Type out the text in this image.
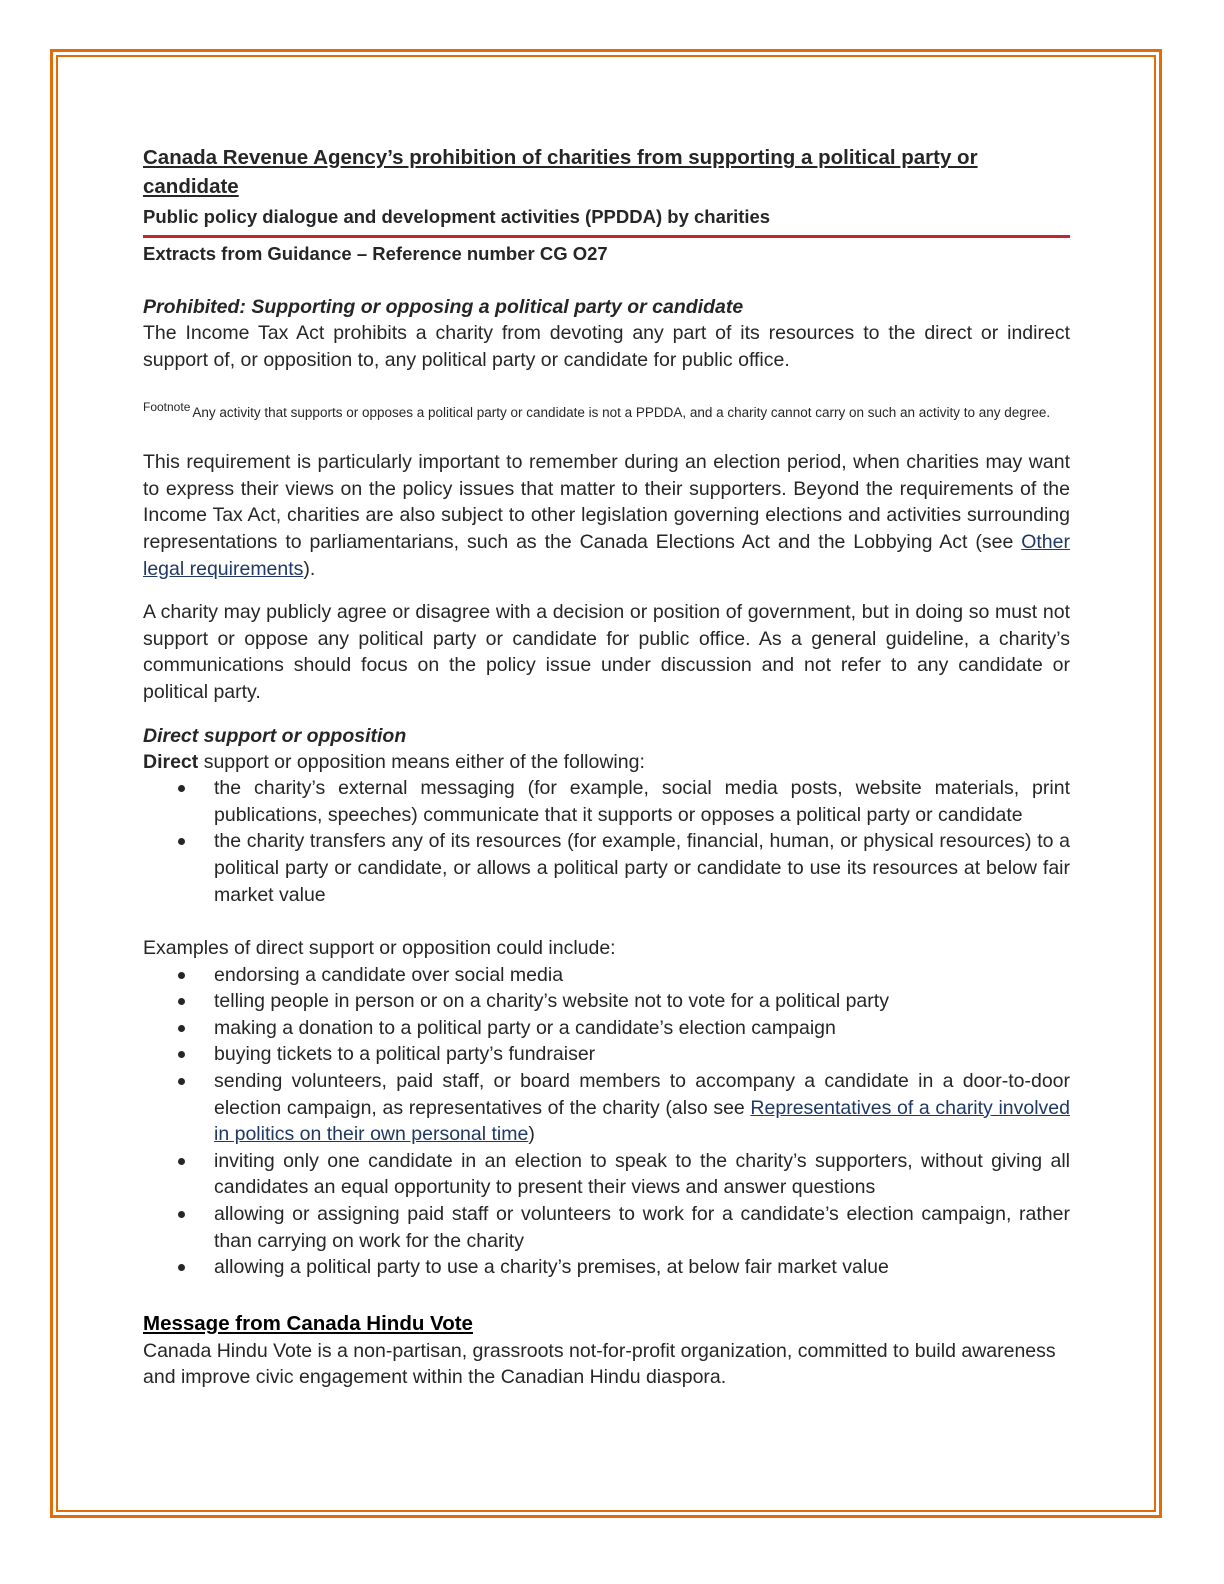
Canada Revenue Agency’s prohibition of charities from supporting a political party or candidate

Public policy dialogue and development activities (PPDDA) by charities

Extracts from Guidance – Reference number CG O27

Prohibited: Supporting or opposing a political party or candidate

The Income Tax Act prohibits a charity from devoting any part of its resources to the direct or indirect support of, or opposition to, any political party or candidate for public office.

$^{Footnote}$ Any activity that supports or opposes a political party or candidate is not a PPDDA, and a charity cannot carry on such an activity to any degree.

This requirement is particularly important to remember during an election period, when charities may want to express their views on the policy issues that matter to their supporters. Beyond the requirements of the Income Tax Act, charities are also subject to other legislation governing elections and activities surrounding representations to parliamentarians, such as the Canada Elections Act and the Lobbying Act (see Other legal requirements).

A charity may publicly agree or disagree with a decision or position of government, but in doing so must not support or oppose any political party or candidate for public office. As a general guideline, a charity’s communications should focus on the policy issue under discussion and not refer to any candidate or political party.

Direct support or opposition

Direct support or opposition means either of the following:

the charity’s external messaging (for example, social media posts, website materials, print publications, speeches) communicate that it supports or opposes a political party or candidate
the charity transfers any of its resources (for example, financial, human, or physical resources) to a political party or candidate, or allows a political party or candidate to use its resources at below fair market value

Examples of direct support or opposition could include:

endorsing a candidate over social media
telling people in person or on a charity’s website not to vote for a political party
making a donation to a political party or a candidate’s election campaign
buying tickets to a political party’s fundraiser
sending volunteers, paid staff, or board members to accompany a candidate in a door-to-door election campaign, as representatives of the charity (also see Representatives of a charity involved in politics on their own personal time)
inviting only one candidate in an election to speak to the charity’s supporters, without giving all candidates an equal opportunity to present their views and answer questions
allowing or assigning paid staff or volunteers to work for a candidate’s election campaign, rather than carrying on work for the charity
allowing a political party to use a charity’s premises, at below fair market value

Message from Canada Hindu Vote

Canada Hindu Vote is a non-partisan, grassroots not-for-profit organization, committed to build awareness and improve civic engagement within the Canadian Hindu diaspora.
